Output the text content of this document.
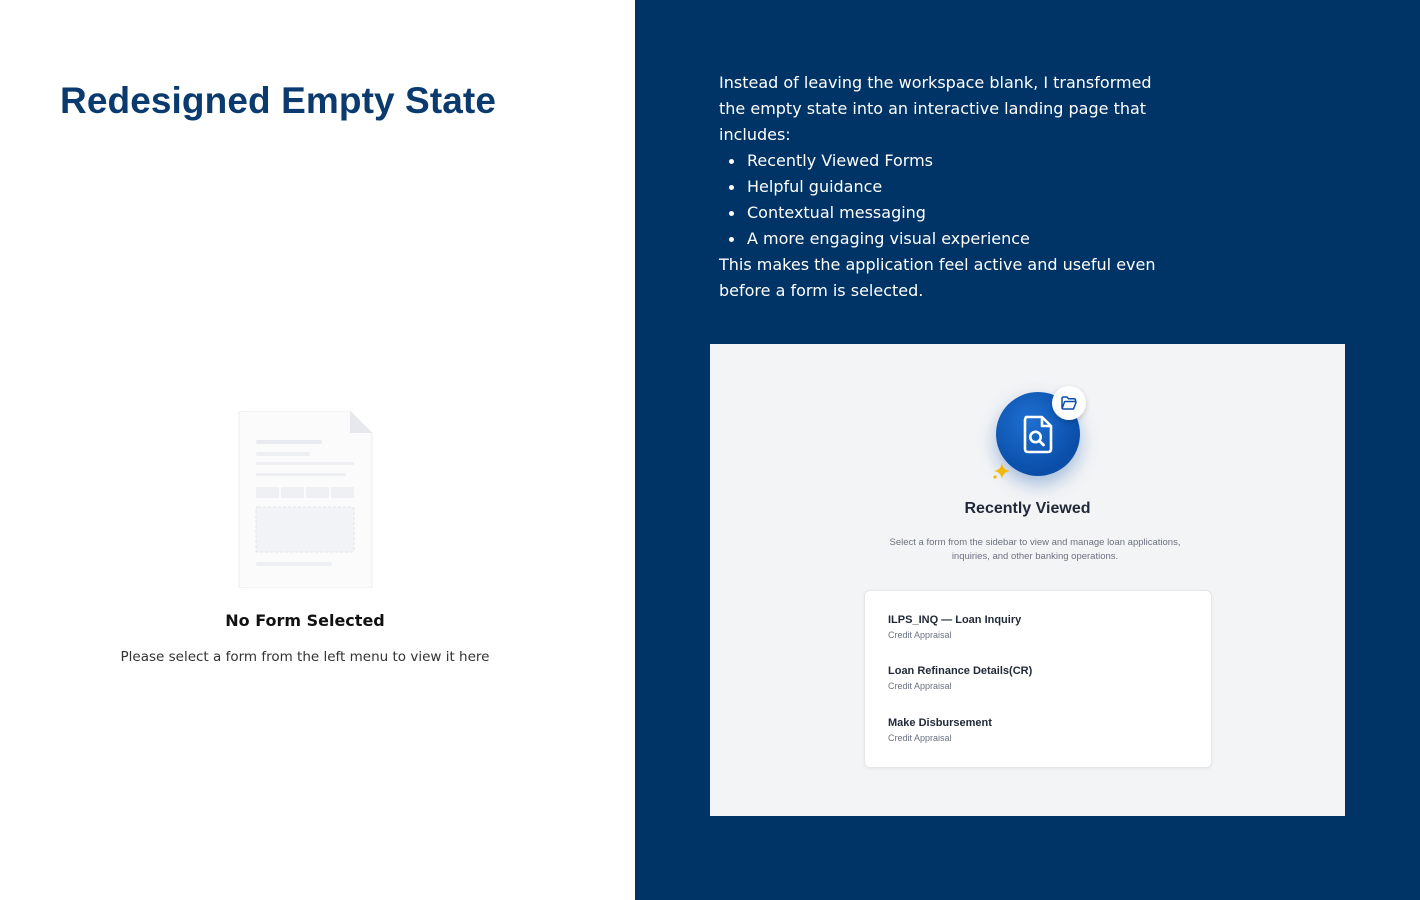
Redesigned Empty State
No Form Selected
Please select a form from the left menu to view it here

Instead of leaving the workspace blank, I transformed the empty state into an interactive landing page that includes:

Recently Viewed Forms
Helpful guidance
Contextual messaging
A more engaging visual experience

This makes the application feel active and useful even before a form is selected.

Recently Viewed
Select a form from the sidebar to view and manage loan applications, inquiries, and other banking operations.
ILPS_INQ — Loan Inquiry
Credit Appraisal
Loan Refinance Details(CR)
Credit Appraisal
Make Disbursement
Credit Appraisal
